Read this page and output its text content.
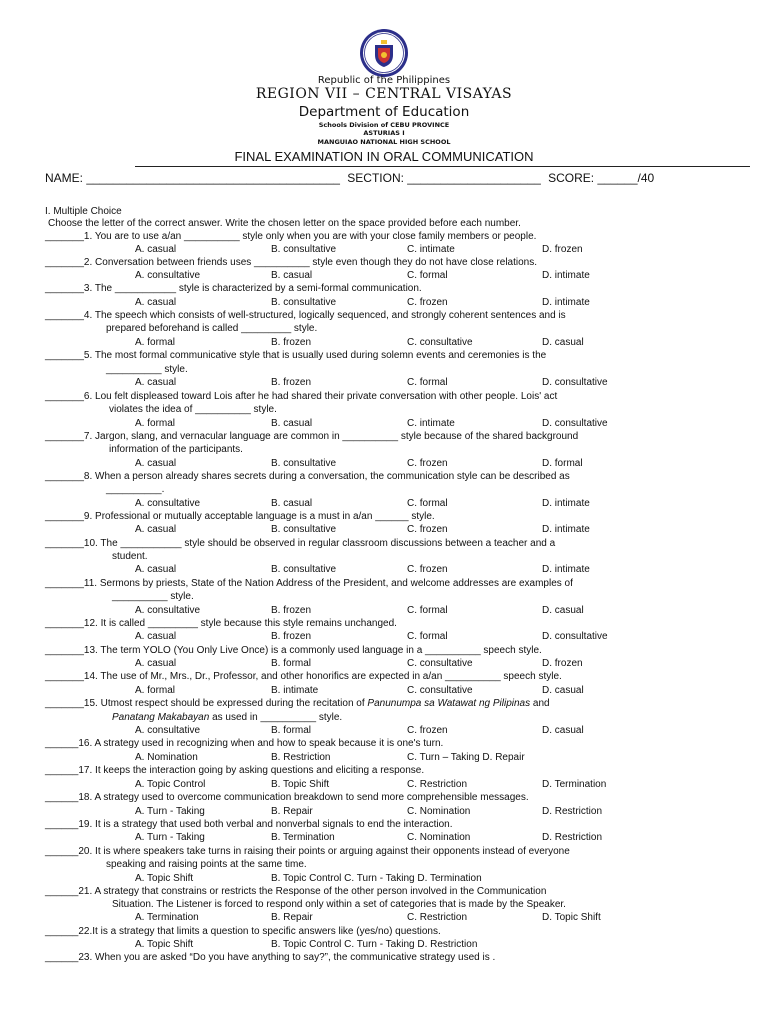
Republic of the Philippines
REGION VII – CENTRAL VISAYAS
Department of Education
Schools Division of CEBU PROVINCE
ASTURIAS I
MANGUIAO NATIONAL HIGH SCHOOL
FINAL EXAMINATION IN ORAL COMMUNICATION
NAME: ______________________________________ SECTION: ____________________ SCORE: ______/40
I. Multiple Choice
Choose the letter of the correct answer. Write the chosen letter on the space provided before each number.
_______1. You are to use a/an __________ style only when you are with your close family members or people.
A. casual	B. consultative	C. intimate	D. frozen
_______2. Conversation between friends uses __________ style even though they do not have close relations.
A. consultative	B. casual	C. formal	D. intimate
_______3. The ___________ style is characterized by a semi-formal communication.
A. casual	B. consultative	C. frozen	D. intimate
_______4. The speech which consists of well-structured, logically sequenced, and strongly coherent sentences and is
prepared beforehand is called _________ style.
A. formal	B. frozen	C. consultative	D. casual
_______5. The most formal communicative style that is usually used during solemn events and ceremonies is the
__________ style.
A. casual	B. frozen	C. formal	D. consultative
_______6. Lou felt displeased toward Lois after he had shared their private conversation with other people. Lois' act
violates the idea of __________ style.
A. formal	B. casual	C. intimate	D. consultative
_______7. Jargon, slang, and vernacular language are common in __________ style because of the shared background
information of the participants.
A. casual	B. consultative	C. frozen	D. formal
_______8. When a person already shares secrets during a conversation, the communication style can be described as
__________.
A. consultative	B. casual	C. formal	D. intimate
_______9. Professional or mutually acceptable language is a must in a/an ______ style.
A. casual	B. consultative	C. frozen	D. intimate
_______10. The ___________ style should be observed in regular classroom discussions between a teacher and a
student.
A. casual	B. consultative	C. frozen	D. intimate
_______11. Sermons by priests, State of the Nation Address of the President, and welcome addresses are examples of
__________ style.
A. consultative	B. frozen	C. formal	D. casual
_______12. It is called _________ style because this style remains unchanged.
A. casual	B. frozen	C. formal	D. consultative
_______13. The term YOLO (You Only Live Once) is a commonly used language in a __________ speech style.
A. casual	B. formal	C. consultative	D. frozen
_______14. The use of Mr., Mrs., Dr., Professor, and other honorifics are expected in a/an __________ speech style.
A. formal	B. intimate	C. consultative	D. casual
_______15. Utmost respect should be expressed during the recitation of Panunumpa sa Watawat ng Pilipinas and
Panatang Makabayan as used in __________ style.
A. consultative	B. formal	C. frozen	D. casual
______16. A strategy used in recognizing when and how to speak because it is one's turn.
A. Nomination	B. Restriction	C. Turn – Taking D. Repair
______17. It keeps the interaction going by asking questions and eliciting a response.
A. Topic Control	B. Topic Shift	C. Restriction	D. Termination
______18. A strategy used to overcome communication breakdown to send more comprehensible messages.
A. Turn - Taking	B. Repair	C. Nomination	D. Restriction
______19. It is a strategy that used both verbal and nonverbal signals to end the interaction.
A. Turn - Taking	B. Termination	C. Nomination	D. Restriction
______20. It is where speakers take turns in raising their points or arguing against their opponents instead of everyone
speaking and raising points at the same time.
A. Topic Shift	B. Topic Control C. Turn - Taking D. Termination
______21. A strategy that constrains or restricts the Response of the other person involved in the Communication
Situation. The Listener is forced to respond only within a set of categories that is made by the Speaker.
A. Termination	B. Repair	C. Restriction	D. Topic Shift
______22.It is a strategy that limits a question to specific answers like (yes/no) questions.
A. Topic Shift	B. Topic Control C. Turn - Taking D. Restriction
______23. When you are asked “Do you have anything to say?”, the communicative strategy used is .
